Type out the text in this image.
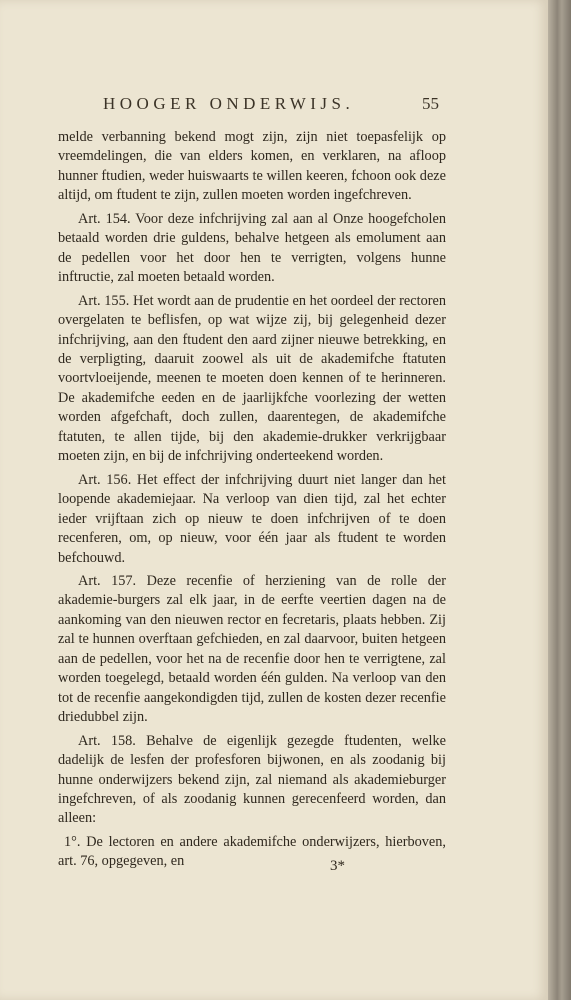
HOOGER ONDERWIJS.	55

melde verbanning bekend mogt zijn, zijn niet toepasfelijk op vreemdelingen, die van elders komen, en verklaren, na afloop hunner ftudien, weder huiswaarts te willen keeren, fchoon ook deze altijd, om ftudent te zijn, zullen moeten worden ingefchreven.

Art. 154. Voor deze infchrijving zal aan al Onze hoogefcholen betaald worden drie guldens, behalve hetgeen als emolument aan de pedellen voor het door hen te verrigten, volgens hunne inftructie, zal moeten betaald worden.

Art. 155. Het wordt aan de prudentie en het oordeel der rectoren overgelaten te beflisfen, op wat wijze zij, bij gelegenheid dezer infchrijving, aan den ftudent den aard zijner nieuwe betrekking, en de verpligting, daaruit zoowel als uit de akademifche ftatuten voortvloeijende, meenen te moeten doen kennen of te herinneren. De akademifche eeden en de jaarlijkfche voorlezing der wetten worden afgefchaft, doch zullen, daarentegen, de akademifche ftatuten, te allen tijde, bij den akademie-drukker verkrijgbaar moeten zijn, en bij de infchrijving onderteekend worden.

Art. 156. Het effect der infchrijving duurt niet langer dan het loopende akademiejaar. Na verloop van dien tijd, zal het echter ieder vrijftaan zich op nieuw te doen infchrijven of te doen recenferen, om, op nieuw, voor één jaar als ftudent te worden befchouwd.

Art. 157. Deze recenfie of herziening van de rolle der akademie-burgers zal elk jaar, in de eerfte veertien dagen na de aankoming van den nieuwen rector en fecretaris, plaats hebben. Zij zal te hunnen overftaan gefchieden, en zal daarvoor, buiten hetgeen aan de pedellen, voor het na de recenfie door hen te verrigtene, zal worden toegelegd, betaald worden één gulden. Na verloop van den tot de recenfie aangekondigden tijd, zullen de kosten dezer recenfie driedubbel zijn.

Art. 158. Behalve de eigenlijk gezegde ftudenten, welke dadelijk de lesfen der profesforen bijwonen, en als zoodanig bij hunne onderwijzers bekend zijn, zal niemand als akademieburger ingefchreven, of als zoodanig kunnen gerecenfeerd worden, dan alleen:

1°. De lectoren en andere akademifche onderwijzers, hierboven, art. 76, opgegeven, en	3*
